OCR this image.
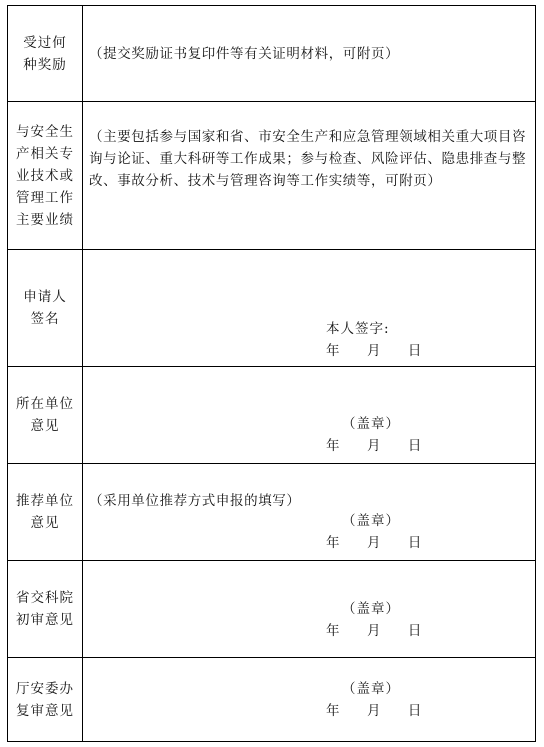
受过何
种奖励	（提交奖励证书复印件等有关证明材料，可附页）

与安全生
产相关专
业技术或
管理工作
主要业绩	（主要包括参与国家和省、市安全生产和应急管理领域相关重大项目咨询与论证、重大科研等工作成果；参与检查、风险评估、隐患排查与整改、事故分析、技术与管理咨询等工作实绩等，可附页）

申请人
签名	本人签字:
年     月     日

所在单位
意见	（盖章）
年     月     日

推荐单位
意见	（采用单位推荐方式申报的填写）
（盖章）
年     月     日

省交科院
初审意见	（盖章）
年     月     日

厅安委办
复审意见	（盖章）
年     月     日
